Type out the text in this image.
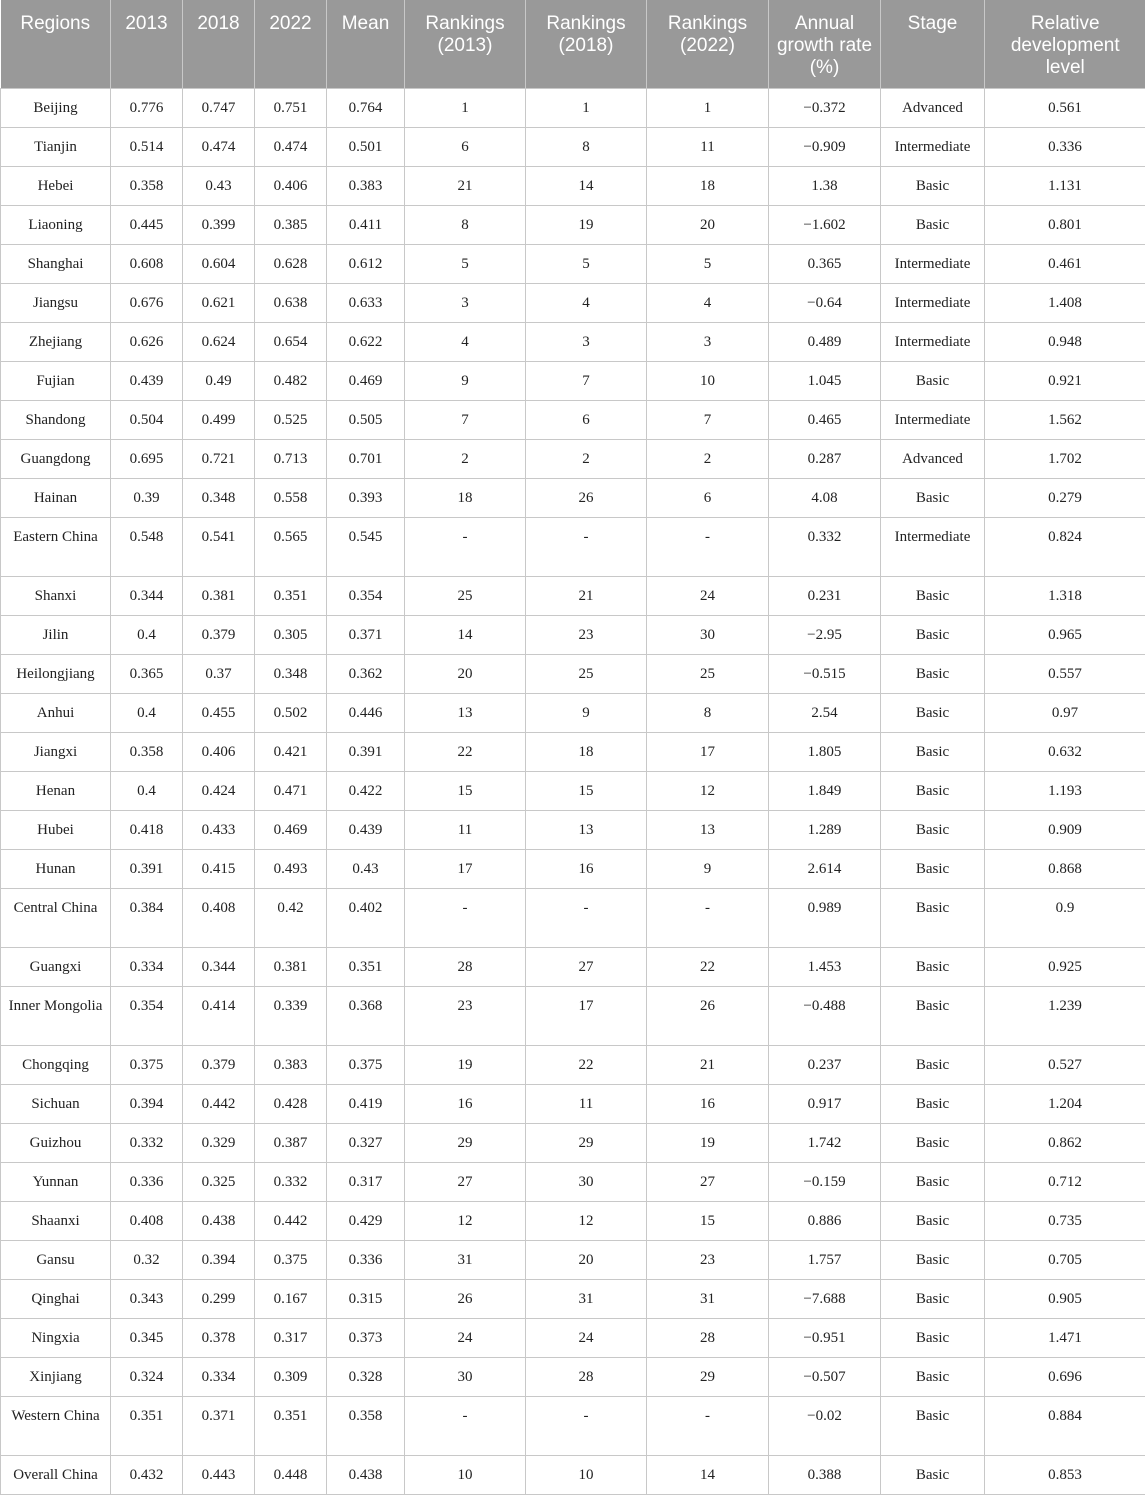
Regions	2013	2018	2022	Mean	Rankings (2013)	Rankings (2018)	Rankings (2022)	Annual growth rate (%)	Stage	Relative development level
Beijing	0.776	0.747	0.751	0.764	1	1	1	−0.372	Advanced	0.561
Tianjin	0.514	0.474	0.474	0.501	6	8	11	−0.909	Intermediate	0.336
Hebei	0.358	0.43	0.406	0.383	21	14	18	1.38	Basic	1.131
Liaoning	0.445	0.399	0.385	0.411	8	19	20	−1.602	Basic	0.801
Shanghai	0.608	0.604	0.628	0.612	5	5	5	0.365	Intermediate	0.461
Jiangsu	0.676	0.621	0.638	0.633	3	4	4	−0.64	Intermediate	1.408
Zhejiang	0.626	0.624	0.654	0.622	4	3	3	0.489	Intermediate	0.948
Fujian	0.439	0.49	0.482	0.469	9	7	10	1.045	Basic	0.921
Shandong	0.504	0.499	0.525	0.505	7	6	7	0.465	Intermediate	1.562
Guangdong	0.695	0.721	0.713	0.701	2	2	2	0.287	Advanced	1.702
Hainan	0.39	0.348	0.558	0.393	18	26	6	4.08	Basic	0.279
Eastern China	0.548	0.541	0.565	0.545	-	-	-	0.332	Intermediate	0.824
Shanxi	0.344	0.381	0.351	0.354	25	21	24	0.231	Basic	1.318
Jilin	0.4	0.379	0.305	0.371	14	23	30	−2.95	Basic	0.965
Heilongjiang	0.365	0.37	0.348	0.362	20	25	25	−0.515	Basic	0.557
Anhui	0.4	0.455	0.502	0.446	13	9	8	2.54	Basic	0.97
Jiangxi	0.358	0.406	0.421	0.391	22	18	17	1.805	Basic	0.632
Henan	0.4	0.424	0.471	0.422	15	15	12	1.849	Basic	1.193
Hubei	0.418	0.433	0.469	0.439	11	13	13	1.289	Basic	0.909
Hunan	0.391	0.415	0.493	0.43	17	16	9	2.614	Basic	0.868
Central China	0.384	0.408	0.42	0.402	-	-	-	0.989	Basic	0.9
Guangxi	0.334	0.344	0.381	0.351	28	27	22	1.453	Basic	0.925
Inner Mongolia	0.354	0.414	0.339	0.368	23	17	26	−0.488	Basic	1.239
Chongqing	0.375	0.379	0.383	0.375	19	22	21	0.237	Basic	0.527
Sichuan	0.394	0.442	0.428	0.419	16	11	16	0.917	Basic	1.204
Guizhou	0.332	0.329	0.387	0.327	29	29	19	1.742	Basic	0.862
Yunnan	0.336	0.325	0.332	0.317	27	30	27	−0.159	Basic	0.712
Shaanxi	0.408	0.438	0.442	0.429	12	12	15	0.886	Basic	0.735
Gansu	0.32	0.394	0.375	0.336	31	20	23	1.757	Basic	0.705
Qinghai	0.343	0.299	0.167	0.315	26	31	31	−7.688	Basic	0.905
Ningxia	0.345	0.378	0.317	0.373	24	24	28	−0.951	Basic	1.471
Xinjiang	0.324	0.334	0.309	0.328	30	28	29	−0.507	Basic	0.696
Western China	0.351	0.371	0.351	0.358	-	-	-	−0.02	Basic	0.884
Overall China	0.432	0.443	0.448	0.438	10	10	14	0.388	Basic	0.853
